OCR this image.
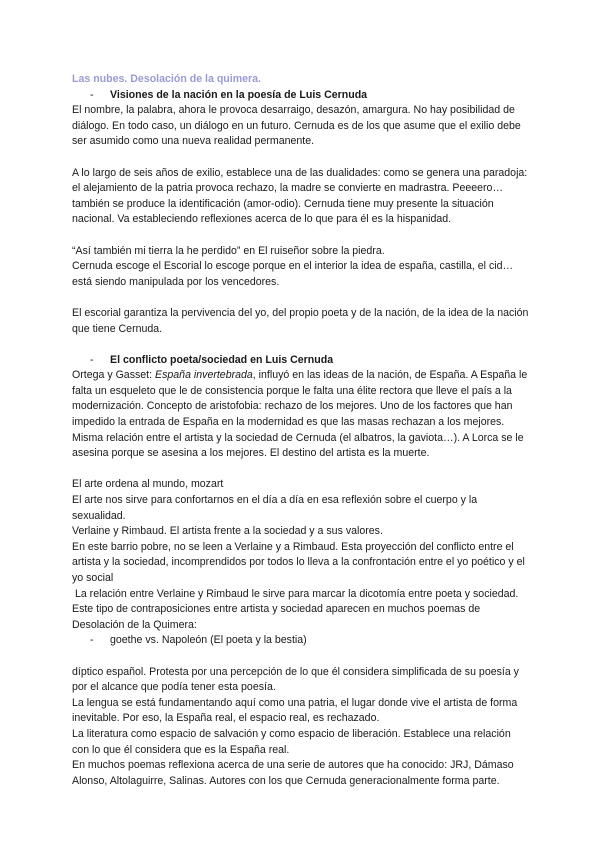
Las nubes. Desolación de la quimera.

-	Visiones de la nación en la poesía de Luis Cernuda

El nombre, la palabra, ahora le provoca desarraigo, desazón, amargura. No hay posibilidad de diálogo. En todo caso, un diálogo en un futuro. Cernuda es de los que asume que el exilio debe ser asumido como una nueva realidad permanente.

A lo largo de seis años de exilio, establece una de las dualidades: como se genera una paradoja: el alejamiento de la patria provoca rechazo, la madre se convierte en madrastra. Peeeero… también se produce la identificación (amor-odio). Cernuda tiene muy presente la situación nacional. Va estableciendo reflexiones acerca de lo que para él es la hispanidad.

“Así también mi tierra la he perdido” en El ruiseñor sobre la piedra.

Cernuda escoge el Escorial lo escoge porque en el interior la idea de españa, castilla, el cid… está siendo manipulada por los vencedores.

El escorial garantiza la pervivencia del yo, del propio poeta y de la nación, de la idea de la nación que tiene Cernuda.

-	El conflicto poeta/sociedad en Luis Cernuda

Ortega y Gasset: España invertebrada, influyó en las ideas de la nación, de España. A España le falta un esqueleto que le de consistencia porque le falta una élite rectora que lleve el país a la modernización. Concepto de aristofobia: rechazo de los mejores. Uno de los factores que han impedido la entrada de España en la modernidad es que las masas rechazan a los mejores. Misma relación entre el artista y la sociedad de Cernuda (el albatros, la gaviota…). A Lorca se le asesina porque se asesina a los mejores. El destino del artista es la muerte.

El arte ordena al mundo, mozart

El arte nos sirve para confortarnos en el día a día en esa reflexión sobre el cuerpo y la sexualidad.

Verlaine y Rimbaud. El artista frente a la sociedad y a sus valores.

En este barrio pobre, no se leen a Verlaine y a Rimbaud. Esta proyección del conflicto entre el artista y la sociedad, incomprendidos por todos lo lleva a la confrontación entre el yo poético y el yo social

La relación entre Verlaine y Rimbaud le sirve para marcar la dicotomía entre poeta y sociedad. Este tipo de contraposiciones entre artista y sociedad aparecen en muchos poemas de Desolación de la Quimera:

-	goethe vs. Napoleón (El poeta y la bestia)

díptico español. Protesta por una percepción de lo que él considera simplificada de su poesía y por el alcance que podía tener esta poesía.

La lengua se está fundamentando aquí como una patria, el lugar donde vive el artista de forma inevitable. Por eso, la España real, el espacio real, es rechazado.

La literatura como espacio de salvación y como espacio de liberación. Establece una relación con lo que él considera que es la España real.

En muchos poemas reflexiona acerca de una serie de autores que ha conocido: JRJ, Dámaso Alonso, Altolaguirre, Salinas. Autores con los que Cernuda generacionalmente forma parte.
